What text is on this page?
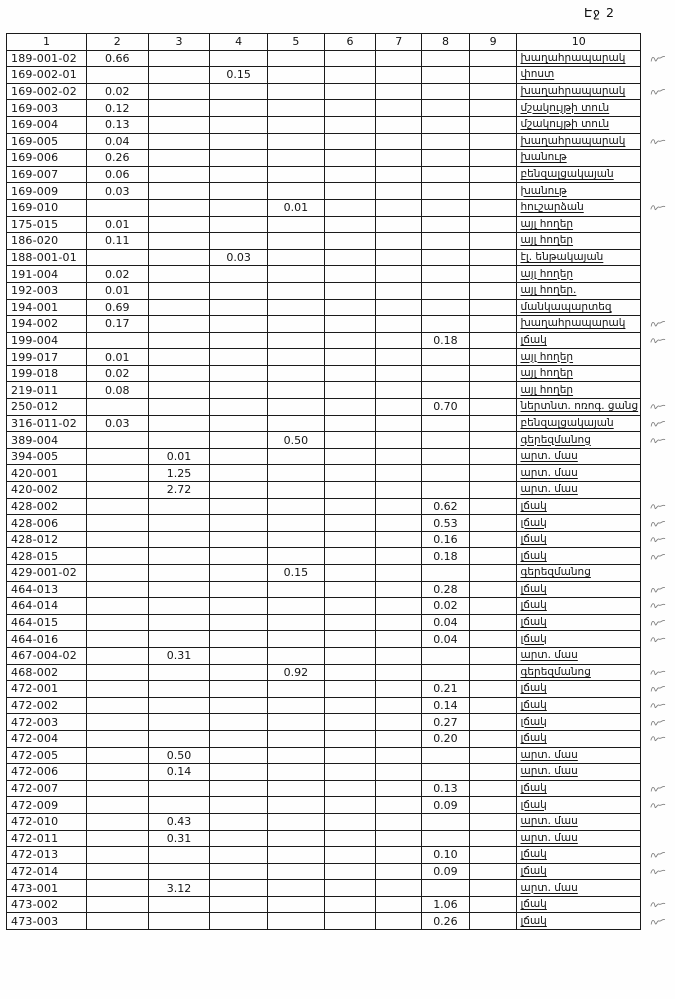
Էջ 2
1	2	3	4	5	6	7	8	9	10	
189-001-02	0.66								խաղահրապարակ	
169-002-01			0.15						փոստ	
169-002-02	0.02								խաղահրապարակ	
169-003	0.12								մշակույթի տուն	
169-004	0.13								մշակույթի տուն	
169-005	0.04								խաղահրապարակ	
169-006	0.26								խանութ	
169-007	0.06								բենզալցակայան	
169-009	0.03								խանութ	
169-010				0.01					հուշարձան	
175-015	0.01								այլ հողեր	
186-020	0.11								այլ հողեր	
188-001-01			0.03						էլ. ենթակայան	
191-004	0.02								այլ հողեր	
192-003	0.01								այլ հողեր.	
194-001	0.69								մանկապարտեզ	
194-002	0.17								խաղահրապարակ	
199-004							0.18		լճակ	
199-017	0.01								այլ հողեր	
199-018	0.02								այլ հողեր	
219-011	0.08								այլ հողեր	
250-012							0.70		ներտնտ. ոռոգ. ցանց	
316-011-02	0.03								բենզալցակայան	
389-004				0.50					գերեզմանոց	
394-005		0.01							արտ. մաս	
420-001		1.25							արտ. մաս	
420-002		2.72							արտ. մաս	
428-002							0.62		լճակ	
428-006							0.53		լճակ	
428-012							0.16		լճակ	
428-015							0.18		լճակ	
429-001-02				0.15					գերեզմանոց	
464-013							0.28		լճակ	
464-014							0.02		լճակ	
464-015							0.04		լճակ	
464-016							0.04		լճակ	
467-004-02		0.31							արտ. մաս	
468-002				0.92					գերեզմանոց	
472-001							0.21		լճակ	
472-002							0.14		լճակ	
472-003							0.27		լճակ	
472-004							0.20		լճակ	
472-005		0.50							արտ. մաս	
472-006		0.14							արտ. մաս	
472-007							0.13		լճակ	
472-009							0.09		լճակ	
472-010		0.43							արտ. մաս	
472-011		0.31							արտ. մաս	
472-013							0.10		լճակ	
472-014							0.09		լճակ	
473-001		3.12							արտ. մաս	
473-002							1.06		լճակ	
473-003							0.26		լճակ	
